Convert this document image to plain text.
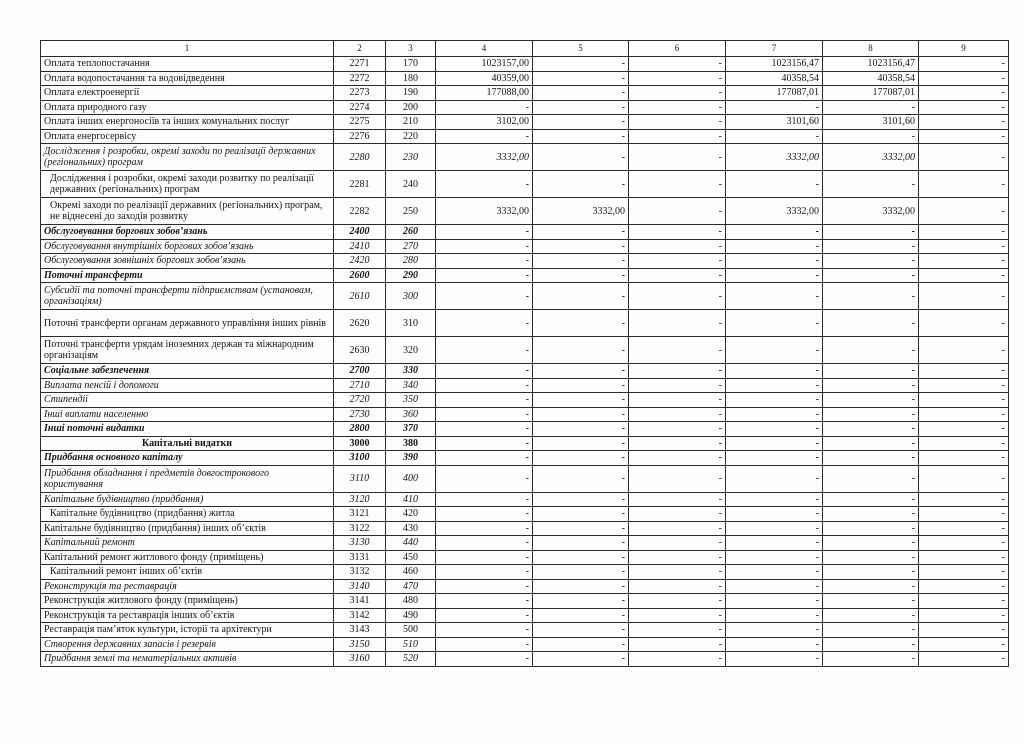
1	2	3	4	5	6	7	8	9
Оплата теплопостачання	2271	170	1023157,00	-	-	1023156,47	1023156,47	-
Оплата водопостачання та водовідведення	2272	180	40359,00	-	-	40358,54	40358,54	-
Оплата електроенергії	2273	190	177088,00	-	-	177087,01	177087,01	-
Оплата природного газу	2274	200	-	-	-	-	-	-
Оплата інших енергоносіїв та інших комунальних послуг	2275	210	3102,00	-	-	3101,60	3101,60	-
Оплата енергосервісу	2276	220	-	-	-	-	-	-
Дослідження і розробки, окремі заходи по реалізації державних (регіональних) програм	2280	230	3332,00	-	-	3332,00	3332,00	-
Дослідження і розробки, окремі заходи розвитку по реалізації державних (регіональних) програм	2281	240	-	-	-	-	-	-
Окремі заходи по реалізації державних (регіональних) програм, не віднесені до заходів розвитку	2282	250	3332,00	3332,00	-	3332,00	3332,00	-
Обслуговування боргових зобов’язань	2400	260	-	-	-	-	-	-
Обслуговування внутрішніх боргових зобов’язань	2410	270	-	-	-	-	-	-
Обслуговування зовнішніх боргових зобов’язань	2420	280	-	-	-	-	-	-
Поточні трансферти	2600	290	-	-	-	-	-	-
Субсидії та поточні трансферти підприємствам (установам, організаціям)	2610	300	-	-	-	-	-	-
Поточні трансферти органам державного управління інших рівнів	2620	310	-	-	-	-	-	-
Поточні трансферти урядам іноземних держав та міжнародним організаціям	2630	320	-	-	-	-	-	-
Соціальне забезпечення	2700	330	-	-	-	-	-	-
Виплата пенсій і допомоги	2710	340	-	-	-	-	-	-
Стипендії	2720	350	-	-	-	-	-	-
Інші виплати населенню	2730	360	-	-	-	-	-	-
Інші поточні видатки	2800	370	-	-	-	-	-	-
Капітальні видатки	3000	380	-	-	-	-	-	-
Придбання основного капіталу	3100	390	-	-	-	-	-	-
Придбання обладнання і предметів довгострокового користування	3110	400	-	-	-	-	-	-
Капітальне будівництво (придбання)	3120	410	-	-	-	-	-	-
Капітальне будівництво (придбання) житла	3121	420	-	-	-	-	-	-
Капітальне будівництво (придбання) інших об’єктів	3122	430	-	-	-	-	-	-
Капітальний ремонт	3130	440	-	-	-	-	-	-
Капітальний ремонт житлового фонду (приміщень)	3131	450	-	-	-	-	-	-
Капітальний ремонт інших об’єктів	3132	460	-	-	-	-	-	-
Реконструкція та реставрація	3140	470	-	-	-	-	-	-
Реконструкція житлового фонду (приміщень)	3141	480	-	-	-	-	-	-
Реконструкція та реставрація інших об’єктів	3142	490	-	-	-	-	-	-
Реставрація пам’яток культури, історії та архітектури	3143	500	-	-	-	-	-	-
Створення державних запасів і резервів	3150	510	-	-	-	-	-	-
Придбання землі та нематеріальних активів	3160	520	-	-	-	-	-	-
